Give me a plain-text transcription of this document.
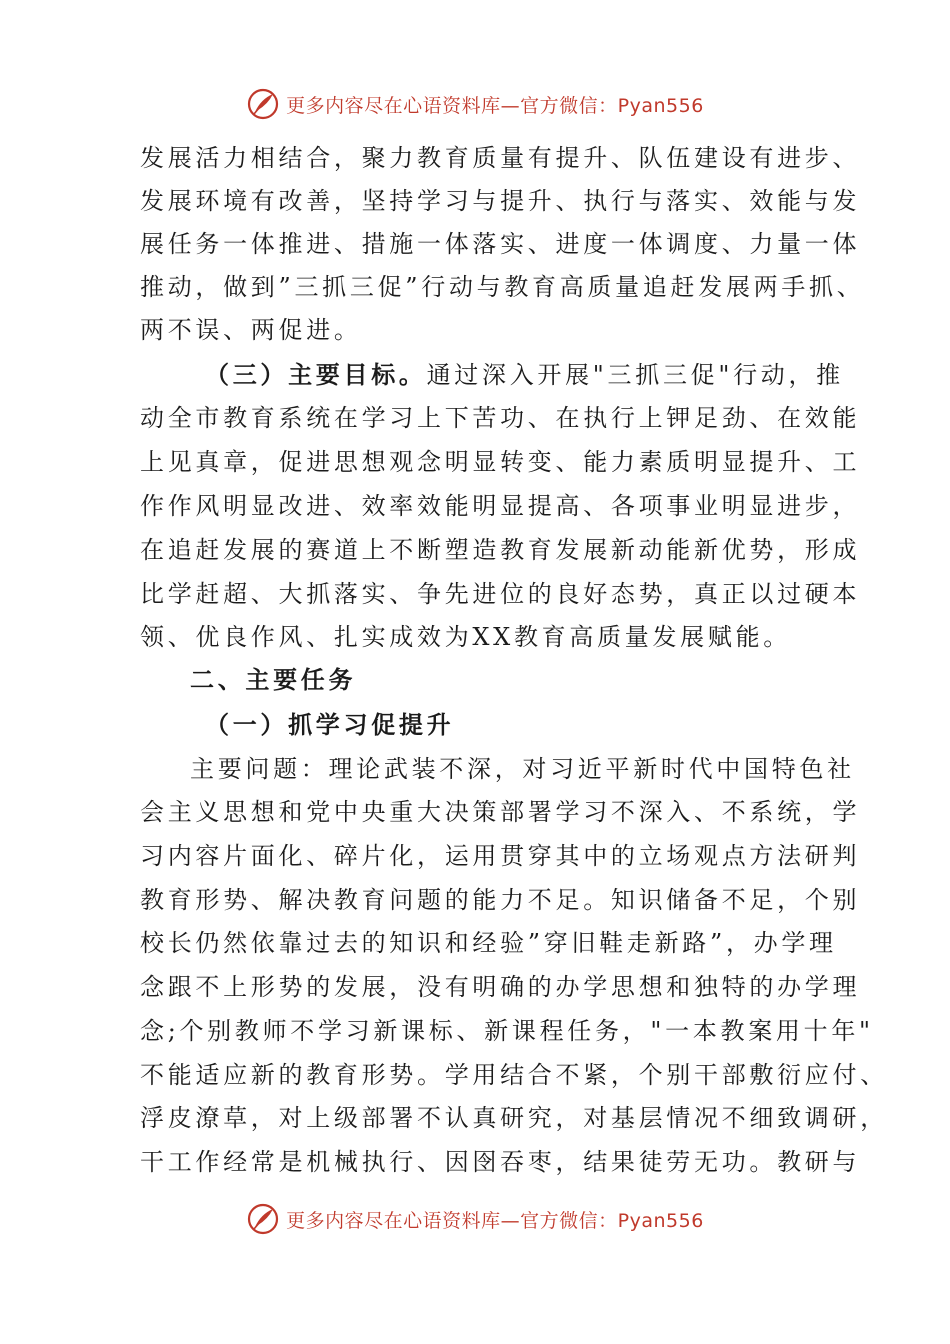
更多内容尽在心语资料库—官方微信：Pyan556
发展活力相结合，聚力教育质量有提升、队伍建设有进步、
发展环境有改善，坚持学习与提升、执行与落实、效能与发
展任务一体推进、措施一体落实、进度一体调度、力量一体
推动，做到”三抓三促”行动与教育高质量追赶发展两手抓、
两不误、两促进。
（三）主要目标。通过深入开展"三抓三促"行动，推
动全市教育系统在学习上下苦功、在执行上钾足劲、在效能
上见真章，促进思想观念明显转变、能力素质明显提升、工
作作风明显改进、效率效能明显提高、各项事业明显进步，
在追赶发展的赛道上不断塑造教育发展新动能新优势，形成
比学赶超、大抓落实、争先进位的良好态势，真正以过硬本
领、优良作风、扎实成效为XX教育高质量发展赋能。
二、主要任务
（一）抓学习促提升
主要问题：理论武装不深，对习近平新时代中国特色社
会主义思想和党中央重大决策部署学习不深入、不系统，学
习内容片面化、碎片化，运用贯穿其中的立场观点方法研判
教育形势、解决教育问题的能力不足。知识储备不足，个别
校长仍然依靠过去的知识和经验”穿旧鞋走新路”，办学理
念跟不上形势的发展，没有明确的办学思想和独特的办学理
念;个别教师不学习新课标、新课程任务，"一本教案用十年"
不能适应新的教育形势。学用结合不紧，个别干部敷衍应付、
浮皮潦草，对上级部署不认真研究，对基层情况不细致调研，
干工作经常是机械执行、因囹吞枣，结果徒劳无功。教研与
更多内容尽在心语资料库—官方微信：Pyan556
